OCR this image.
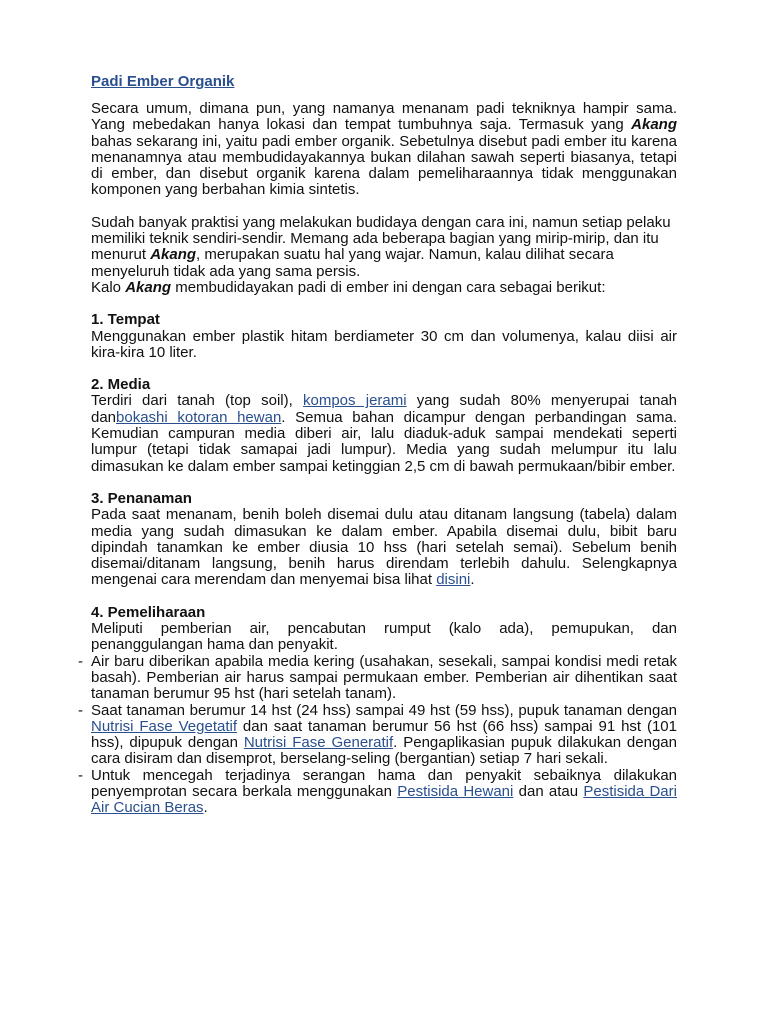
Padi Ember Organik

Secara umum, dimana pun, yang namanya menanam padi tekniknya hampir sama. Yang mebedakan hanya lokasi dan tempat tumbuhnya saja. Termasuk yang Akang bahas sekarang ini, yaitu padi ember organik. Sebetulnya disebut padi ember itu karena menanamnya atau membudidayakannya bukan dilahan sawah seperti biasanya, tetapi di ember, dan disebut organik karena dalam pemeliharaannya tidak menggunakan komponen yang berbahan kimia sintetis.

Sudah banyak praktisi yang melakukan budidaya dengan cara ini, namun setiap pelaku memiliki teknik sendiri-sendir. Memang ada beberapa bagian yang mirip-mirip, dan itu menurut Akang, merupakan suatu hal yang wajar. Namun, kalau dilihat secara menyeluruh tidak ada yang sama persis.
Kalo Akang membudidayakan padi di ember ini dengan cara sebagai berikut:

1. Tempat

Menggunakan ember plastik hitam berdiameter 30 cm dan volumenya, kalau diisi air kira-kira 10 liter.

2. Media

Terdiri dari tanah (top soil), kompos jerami yang sudah 80% menyerupai tanah danbokashi kotoran hewan. Semua bahan dicampur dengan perbandingan sama. Kemudian campuran media diberi air, lalu diaduk-aduk sampai mendekati seperti lumpur (tetapi tidak samapai jadi lumpur). Media yang sudah melumpur itu lalu dimasukan ke dalam ember sampai ketinggian 2,5 cm di bawah permukaan/bibir ember.

3. Penanaman

Pada saat menanam, benih boleh disemai dulu atau ditanam langsung (tabela) dalam media yang sudah dimasukan ke dalam ember. Apabila disemai dulu, bibit baru dipindah tanamkan ke ember diusia 10 hss (hari setelah semai). Sebelum benih disemai/ditanam langsung, benih harus direndam terlebih dahulu. Selengkapnya mengenai cara merendam dan menyemai bisa lihat disini.

4. Pemeliharaan

Meliputi pemberian air, pencabutan rumput (kalo ada), pemupukan, dan penanggulangan hama dan penyakit.

- Air baru diberikan apabila media kering (usahakan, sesekali, sampai kondisi medi retak basah). Pemberian air harus sampai permukaan ember. Pemberian air dihentikan saat tanaman berumur 95 hst (hari setelah tanam).

- Saat tanaman berumur 14 hst (24 hss) sampai 49 hst (59 hss), pupuk tanaman dengan Nutrisi Fase Vegetatif dan saat tanaman berumur 56 hst (66 hss) sampai 91 hst (101 hss), dipupuk dengan Nutrisi Fase Generatif. Pengaplikasian pupuk dilakukan dengan cara disiram dan disemprot, berselang-seling (bergantian) setiap 7 hari sekali.

- Untuk mencegah terjadinya serangan hama dan penyakit sebaiknya dilakukan penyemprotan secara berkala menggunakan Pestisida Hewani dan atau Pestisida Dari Air Cucian Beras.
